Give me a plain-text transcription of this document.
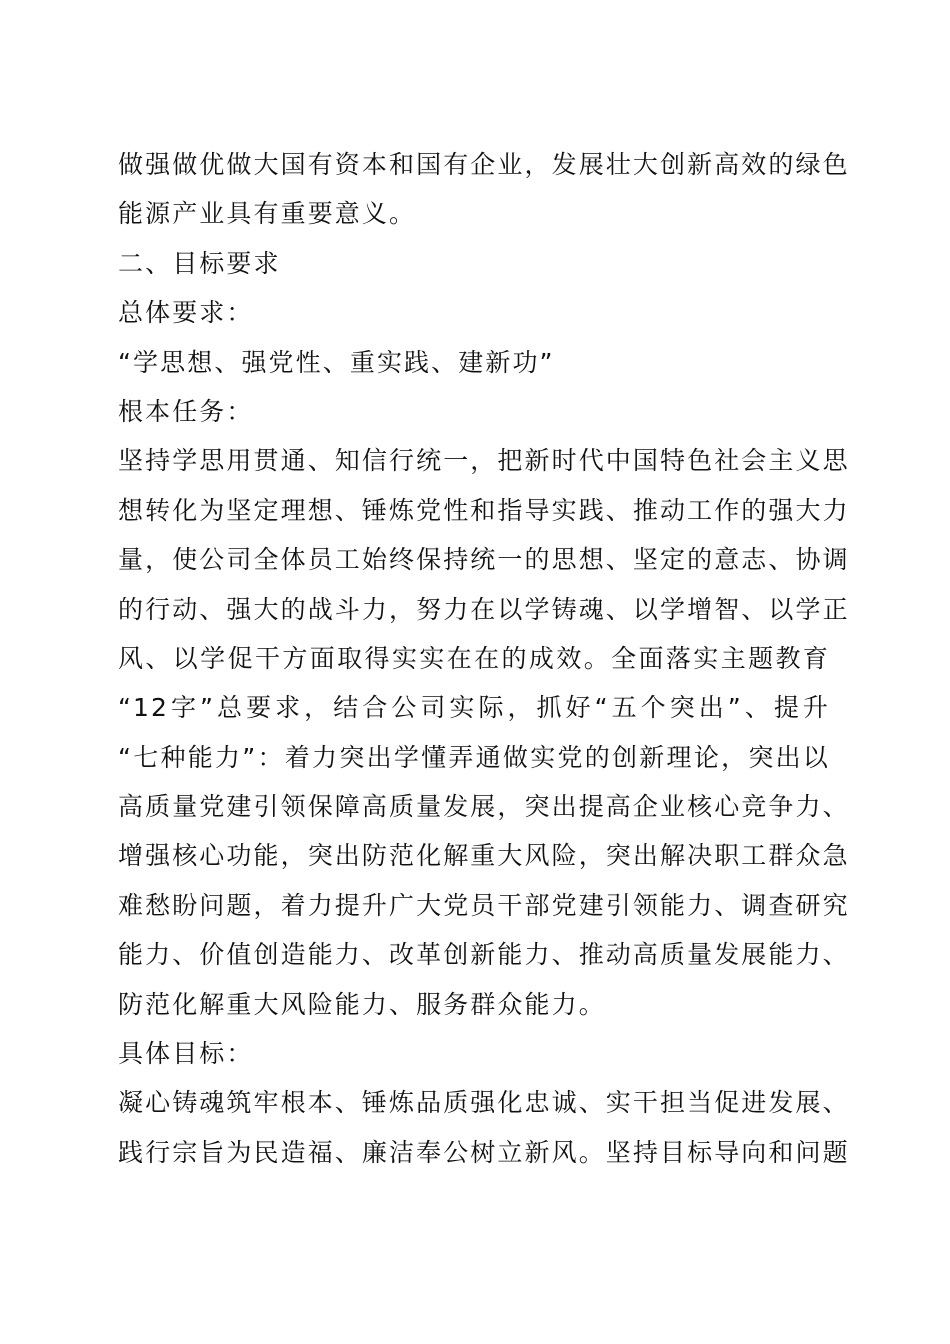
做强做优做大国有资本和国有企业，发展壮大创新高效的绿色
能源产业具有重要意义。
二、目标要求
总体要求：
“学思想、强党性、重实践、建新功”
根本任务：
坚持学思用贯通、知信行统一，把新时代中国特色社会主义思
想转化为坚定理想、锤炼党性和指导实践、推动工作的强大力
量，使公司全体员工始终保持统一的思想、坚定的意志、协调
的行动、强大的战斗力，努力在以学铸魂、以学增智、以学正
风、以学促干方面取得实实在在的成效。全面落实主题教育
“12字”总要求，结合公司实际，抓好“五个突出”、提升
“七种能力”：着力突出学懂弄通做实党的创新理论，突出以
高质量党建引领保障高质量发展，突出提高企业核心竞争力、
增强核心功能，突出防范化解重大风险，突出解决职工群众急
难愁盼问题，着力提升广大党员干部党建引领能力、调查研究
能力、价值创造能力、改革创新能力、推动高质量发展能力、
防范化解重大风险能力、服务群众能力。
具体目标：
凝心铸魂筑牢根本、锤炼品质强化忠诚、实干担当促进发展、
践行宗旨为民造福、廉洁奉公树立新风。坚持目标导向和问题
